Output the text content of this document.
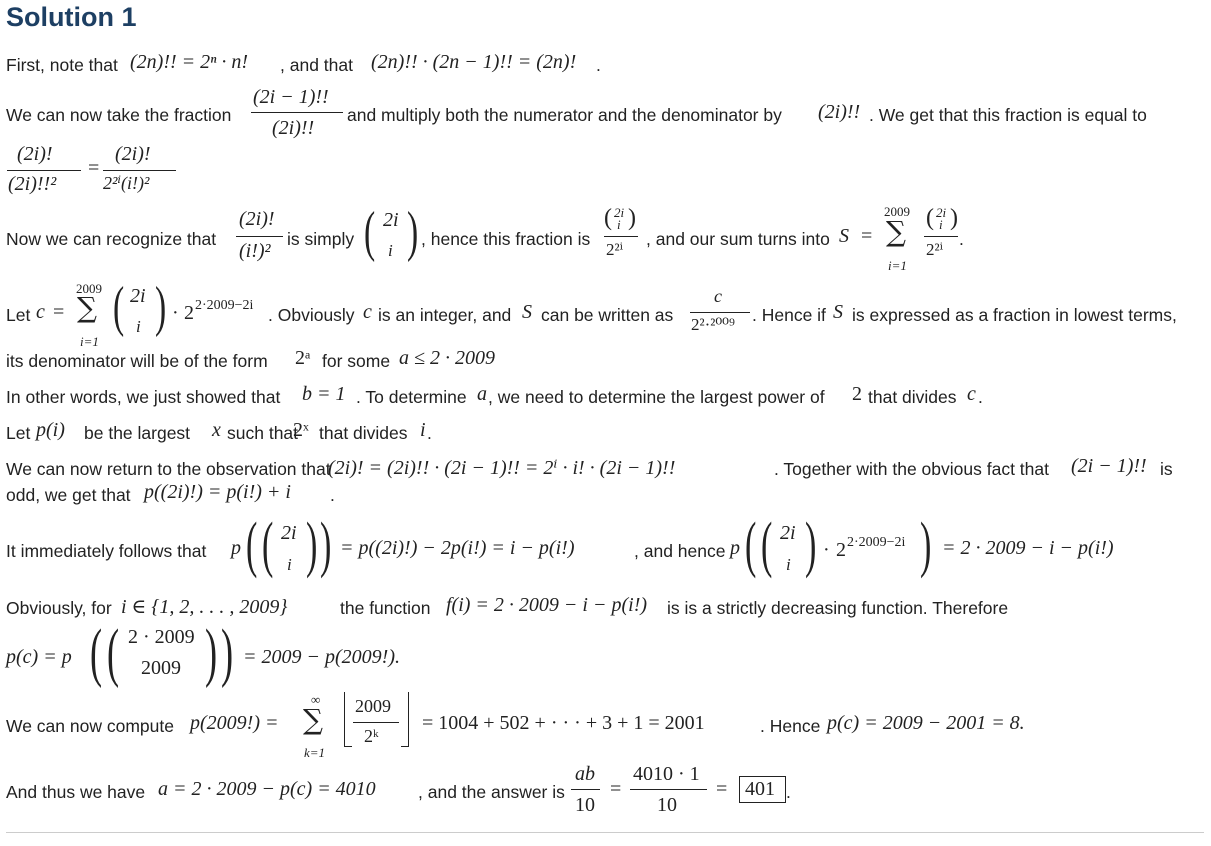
Solution 1
First, note that (2n)!! = 2ⁿ · n! , and that (2n)!! · (2n − 1)!! = (2n)! .
We can now take the fraction
(2i − 1)!!
(2i)!!
and multiply both the numerator and the denominator by (2i)!! . We get that this fraction is equal to
(2i)!
(2i)!!²
=
(2i)!
2²ⁱ(i!)²
Now we can recognize that
(2i)!
(i!)²
is simply ( 2i
i ) , hence this fraction is
( 2i
i )
2²ⁱ
, and our sum turns into S =
2009
∑
i=1
( 2i
i )
2²ⁱ
.
Let c =
2009
∑
i=1
( 2i
i ) · 2 2·2009−2i . Obviously c is an integer, and S can be written as
c
2²·²⁰⁰⁹ . Hence if S is expressed as a fraction in lowest terms,
its denominator will be of the form 2ᵃ for some a ≤ 2 · 2009
In other words, we just showed that b = 1 . To determine a , we need to determine the largest power of 2 that divides c .
Let p(i) be the largest x such that
2ˣ that divides i .
We can now return to the observation that
(2i)! = (2i)!! · (2i − 1)!! = 2ⁱ · i! · (2i − 1)!!	. Together with the obvious fact that (2i − 1)!! is
odd, we get that p((2i)!) = p(i!) + i .
It immediately follows that p ( ( 2i
i ) ) = p((2i)!) − 2p(i!) = i − p(i!)	, and hence p ( ( 2i
i ) · 2 2·2009−2i ) = 2 · 2009 − i − p(i!)
Obviously, for i ∈ {1, 2, . . . , 2009}	the function f(i) = 2 · 2009 − i − p(i!) is is a strictly decreasing function. Therefore
p(c) = p ( ( 2 · 2009
2009 ) ) = 2009 − p(2009!).
We can now compute p(2009!) =
∞
∑
k=1
2009
2ᵏ
= 1004 + 502 + · · · + 3 + 1 = 2001	. Hence p(c) = 2009 − 2001 = 8.
And thus we have a = 2 · 2009 − p(c) = 4010 , and the answer is
ab
10
=
4010 · 1
10
= 401 .
